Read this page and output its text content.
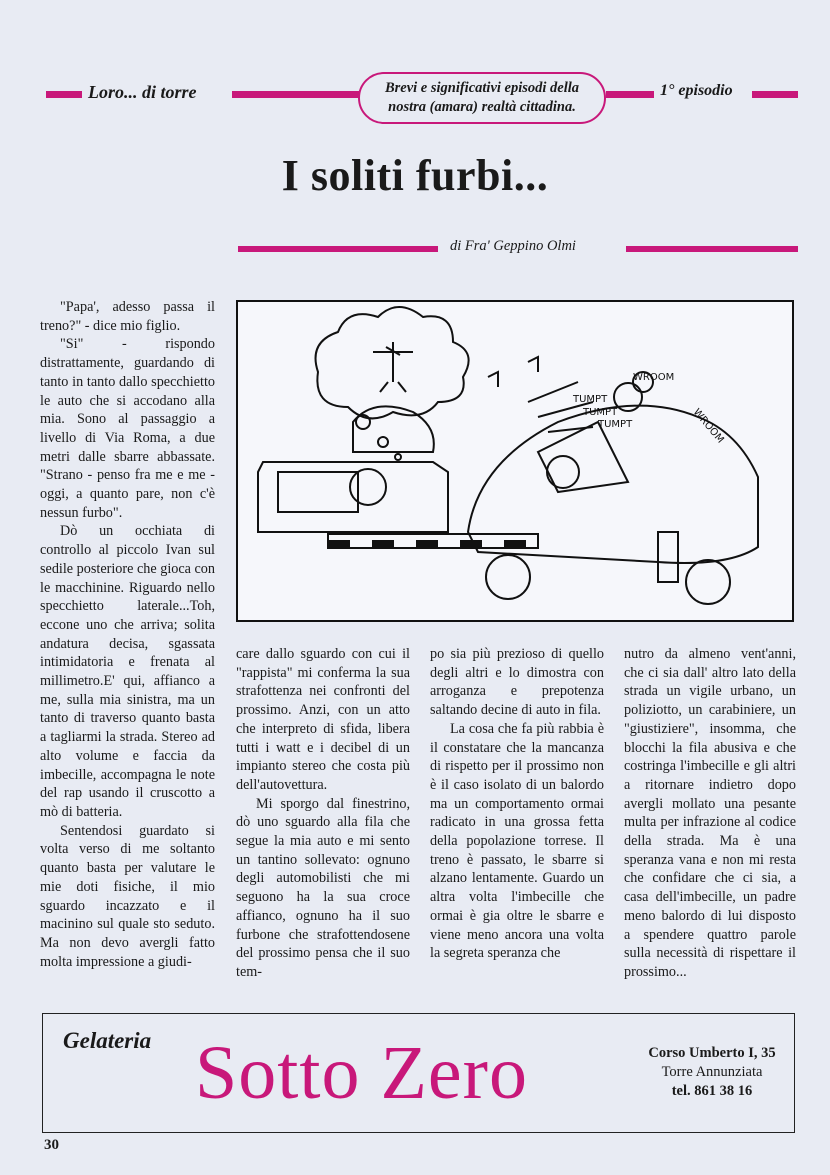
Loro... di torre	Brevi e significativi episodi della
nostra (amara) realtà cittadina.
1° episodio
I soliti furbi...
di Fra' Geppino Olmi
TUMPT
TUMPT
TUMPT
WROOM
WROOM

"Papa', adesso passa il treno?" - dice mio figlio.

"Si" - rispondo distrattamente, guardando di tanto in tanto dallo specchietto le auto che si accodano alla mia. Sono al passaggio a livello di Via Roma, a due metri dalle sbarre abbassate. "Strano - penso fra me e me - oggi, a quanto pare, non c'è nessun furbo".

Dò un occhiata di controllo al piccolo Ivan sul sedile posteriore che gioca con le macchinine. Riguardo nello specchietto laterale...Toh, eccone uno che arriva; solita andatura decisa, sgassata intimidatoria e frenata al millimetro.E' qui, affianco a me, sulla mia sinistra, ma un tanto di traverso quanto basta a tagliarmi la strada. Stereo ad alto volume e faccia da imbecille, accompagna le note del rap usando il cruscotto a mò di batteria.

Sentendosi guardato si volta verso di me soltanto quanto basta per valutare le mie doti fisiche, il mio sguardo incazzato e il macinino sul quale sto seduto. Ma non devo avergli fatto molta impressione a giudi-

care dallo sguardo con cui il "rappista" mi conferma la sua strafottenza nei confronti del prossimo. Anzi, con un atto che interpreto di sfida, libera tutti i watt e i decibel di un impianto stereo che costa più dell'autovettura.

Mi sporgo dal finestrino, dò uno sguardo alla fila che segue la mia auto e mi sento un tantino sollevato: ognuno degli automobilisti che mi seguono ha la sua croce affianco, ognuno ha il suo furbone che strafottendosene del prossimo pensa che il suo tem-

po sia più prezioso di quello degli altri e lo dimostra con arroganza e prepotenza saltando decine di auto in fila.

La cosa che fa più rabbia è il constatare che la mancanza di rispetto per il prossimo non è il caso isolato di un balordo ma un comportamento ormai radicato in una grossa fetta della popolazione torrese. Il treno è passato, le sbarre si alzano lentamente. Guardo un altra volta l'imbecille che ormai è gia oltre le sbarre e viene meno ancora una volta la segreta speranza che

nutro da almeno vent'anni, che ci sia dall' altro lato della strada un vigile urbano, un poliziotto, un carabiniere, un "giustiziere", insomma, che blocchi la fila abusiva e che costringa l'imbecille e gli altri a ritornare indietro dopo avergli mollato una pesante multa per infrazione al codice della strada. Ma è una speranza vana e non mi resta che confidare che ci sia, a casa dell'imbecille, un padre meno balordo di lui disposto a spendere quattro parole sulla necessità di rispettare il prossimo...

Gelateria Sotto Zero	Corso Umberto I, 35
Torre Annunziata
tel. 861 38 16
30
